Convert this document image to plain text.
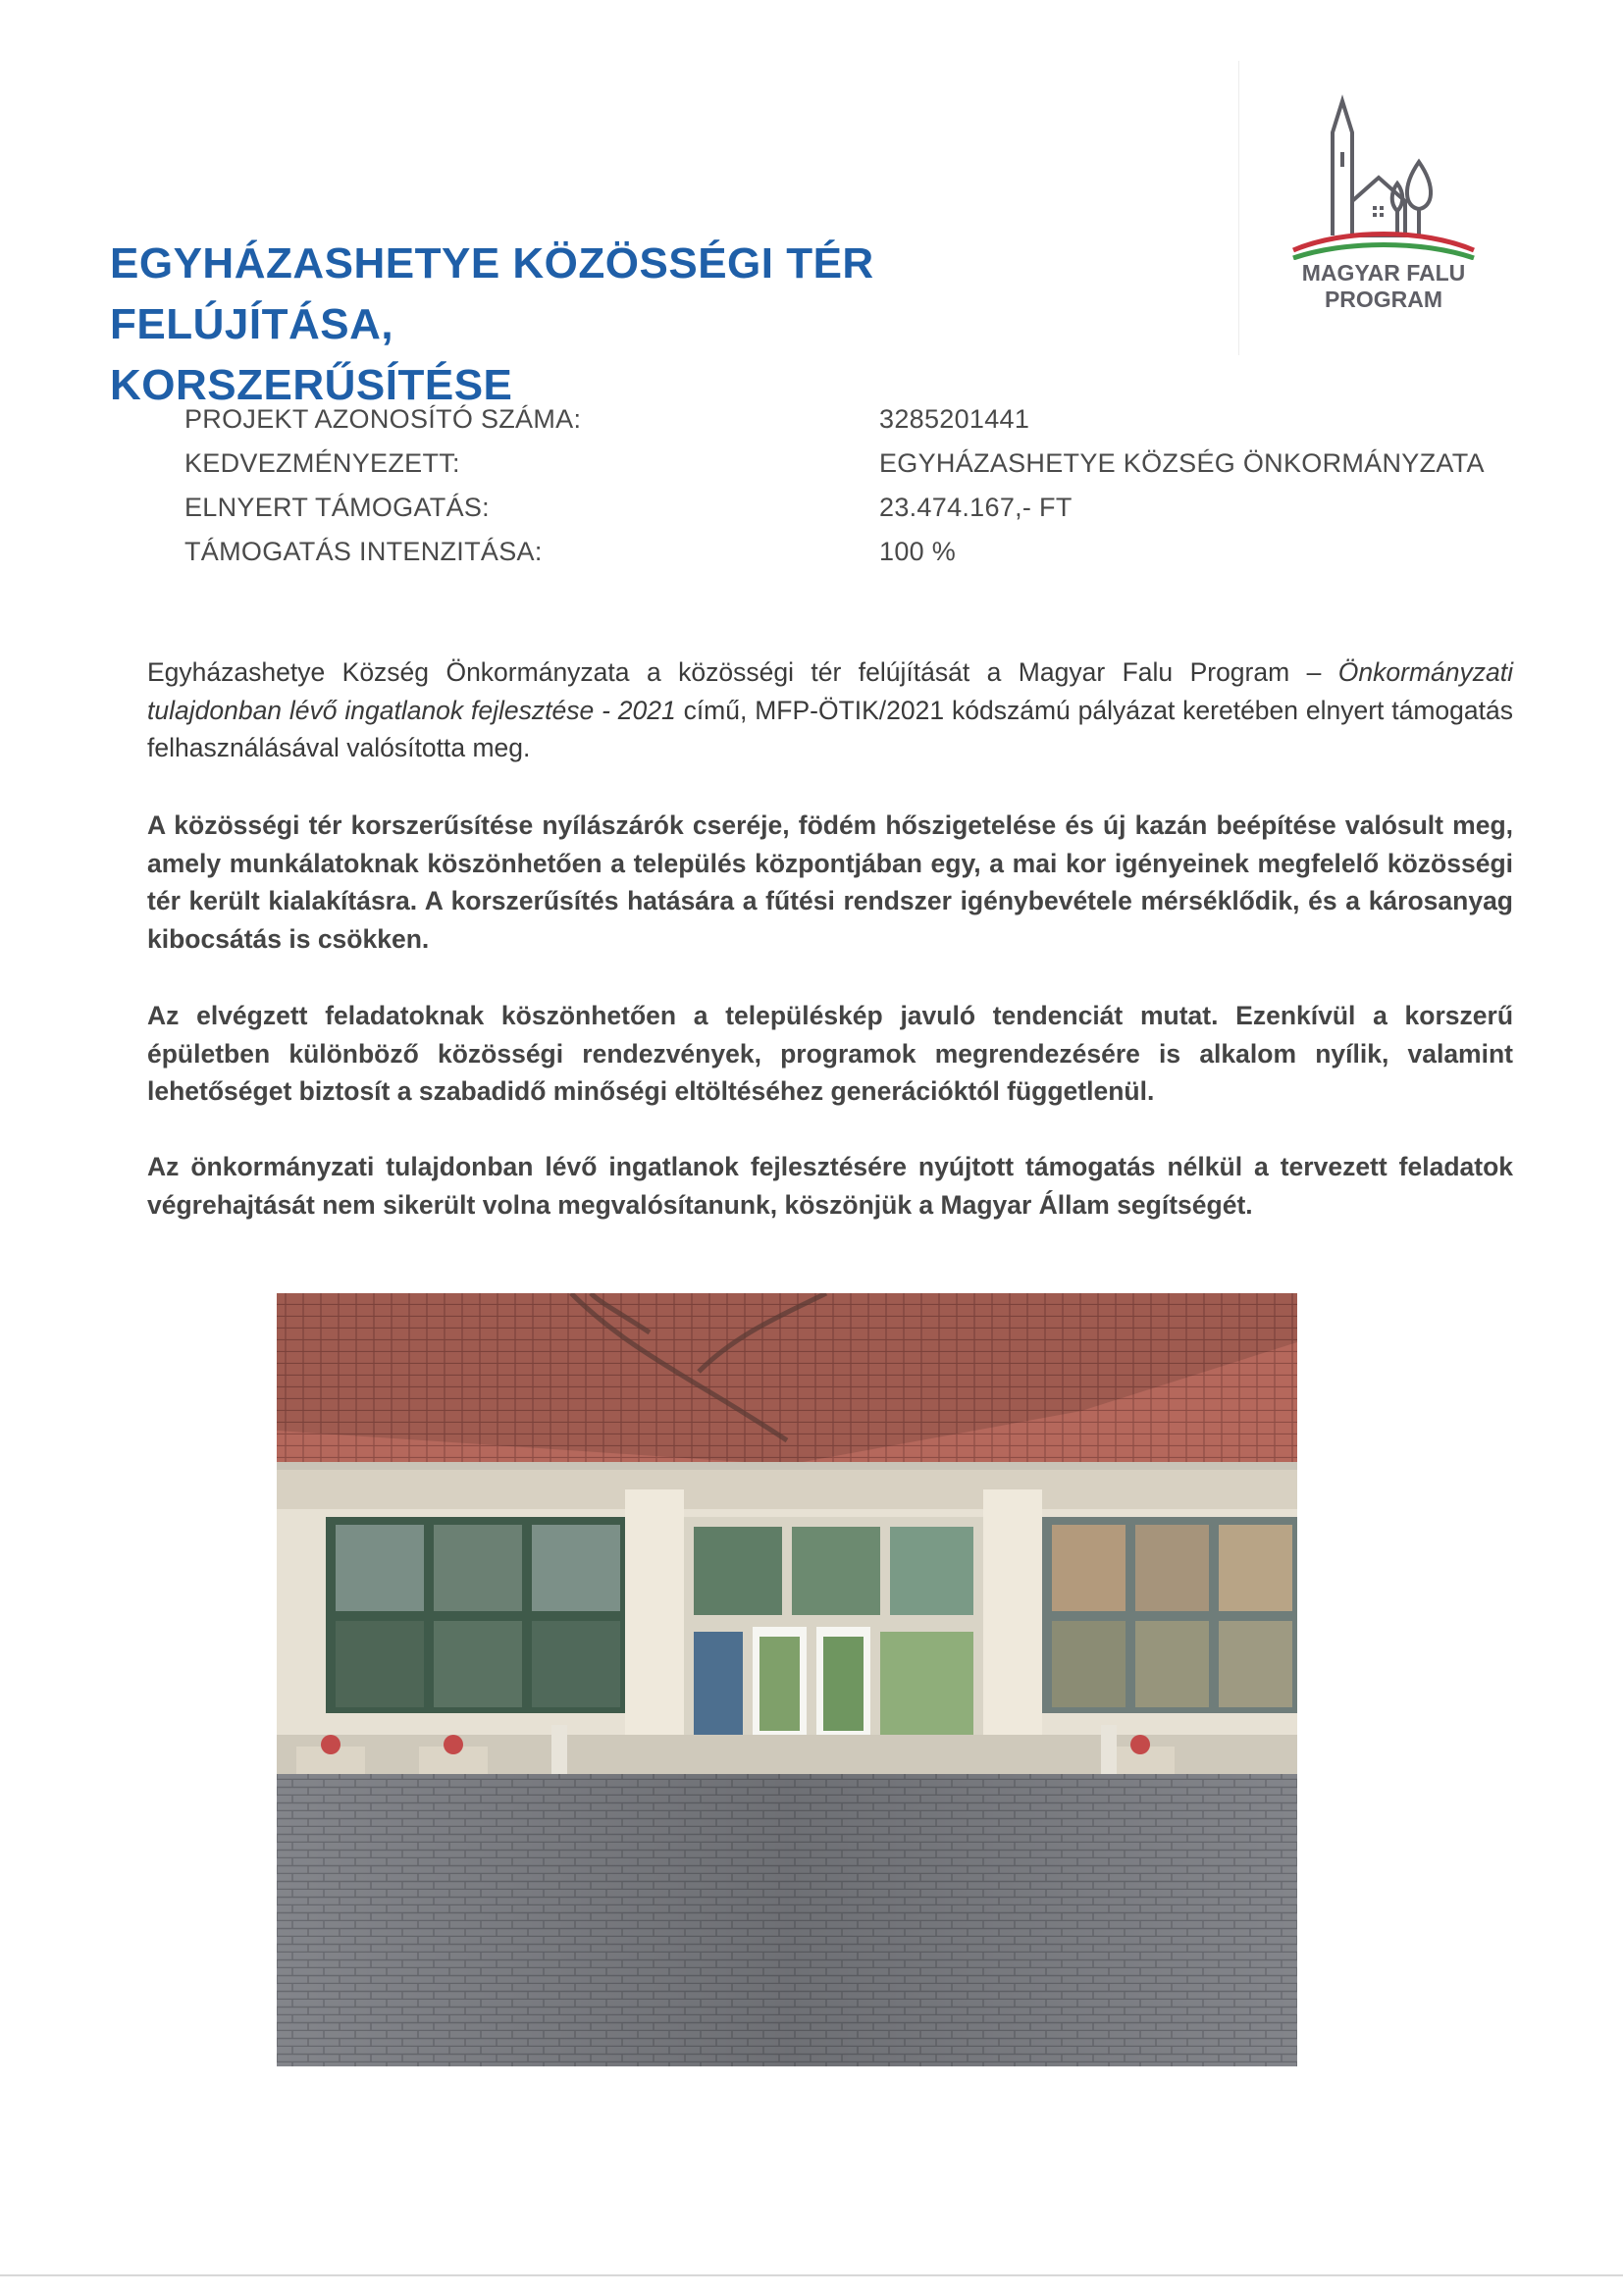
EGYHÁZASHETYE KÖZÖSSÉGI TÉR FELÚJÍTÁSA,
KORSZERŰSÍTÉSE
MAGYAR FALU
PROGRAM
PROJEKT AZONOSÍTÓ SZÁMA:	3285201441
KEDVEZMÉNYEZETT:	EGYHÁZASHETYE KÖZSÉG ÖNKORMÁNYZATA
ELNYERT TÁMOGATÁS:	23.474.167,- FT
TÁMOGATÁS INTENZITÁSA:	100 %

Egyházashetye Község Önkormányzata a közösségi tér felújítását a Magyar Falu Program – Önkormányzati tulajdonban lévő ingatlanok fejlesztése - 2021 című, MFP-ÖTIK/2021 kódszámú pályázat keretében elnyert támogatás felhasználásával valósította meg.

A közösségi tér korszerűsítése nyílászárók cseréje, födém hőszigetelése és új kazán beépítése valósult meg, amely munkálatoknak köszönhetően a település központjában egy, a mai kor igényeinek megfelelő közösségi tér került kialakításra. A korszerűsítés hatására a fűtési rendszer igénybevétele mérséklődik, és a károsanyag kibocsátás is csökken.

Az elvégzett feladatoknak köszönhetően a településkép javuló tendenciát mutat. Ezenkívül a korszerű épületben különböző közösségi rendezvények, programok megrendezésére is alkalom nyílik, valamint lehetőséget biztosít a szabadidő minőségi eltöltéséhez generációktól függetlenül.

Az önkormányzati tulajdonban lévő ingatlanok fejlesztésére nyújtott támogatás nélkül a tervezett feladatok végrehajtását nem sikerült volna megvalósítanunk, köszönjük a Magyar Állam segítségét.
